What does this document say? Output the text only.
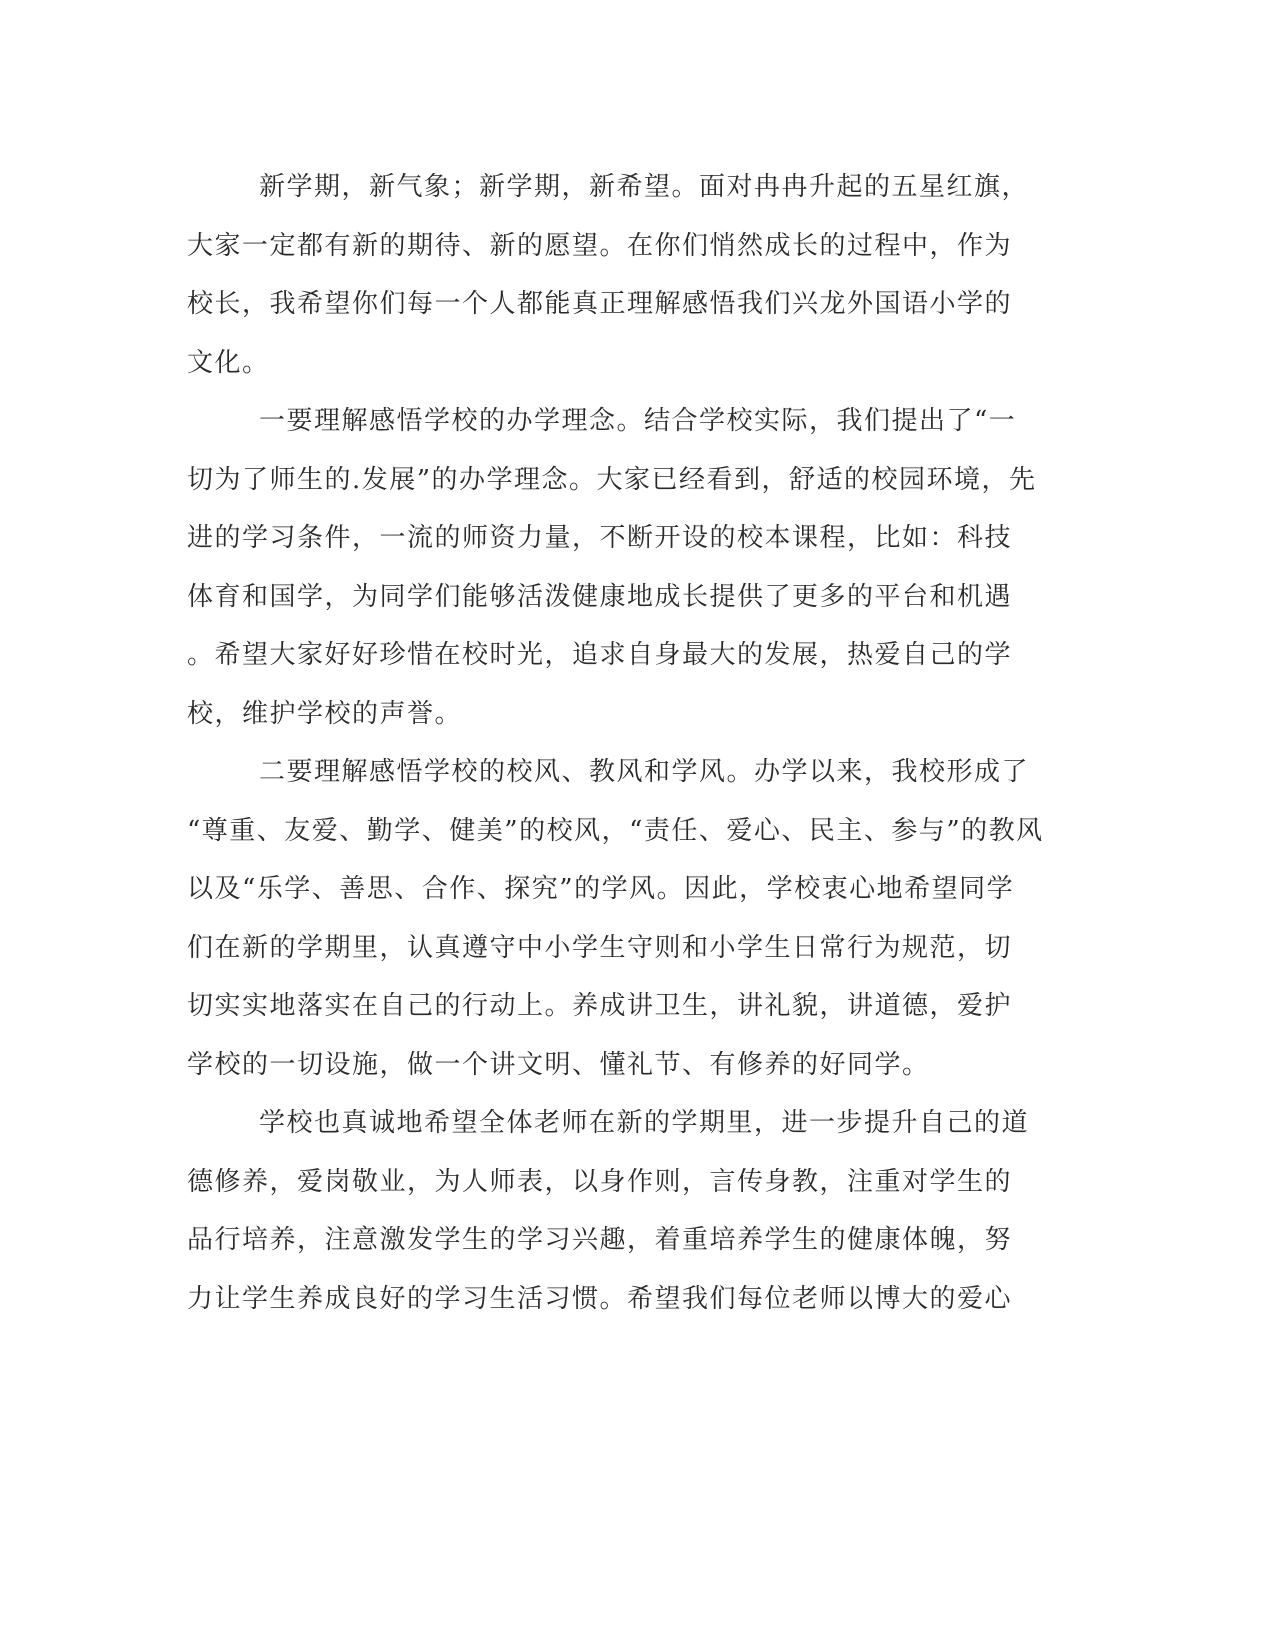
新学期，新气象；新学期，新希望。面对冉冉升起的五星红旗，
大家一定都有新的期待、新的愿望。在你们悄然成长的过程中，作为
校长，我希望你们每一个人都能真正理解感悟我们兴龙外国语小学的
文化。
一要理解感悟学校的办学理念。结合学校实际，我们提出了“一
切为了师生的.发展”的办学理念。大家已经看到，舒适的校园环境，先
进的学习条件，一流的师资力量，不断开设的校本课程，比如：科技
体育和国学，为同学们能够活泼健康地成长提供了更多的平台和机遇
。希望大家好好珍惜在校时光，追求自身最大的发展，热爱自己的学
校，维护学校的声誉。
二要理解感悟学校的校风、教风和学风。办学以来，我校形成了
“尊重、友爱、勤学、健美”的校风，“责任、爱心、民主、参与”的教风
以及“乐学、善思、合作、探究”的学风。因此，学校衷心地希望同学
们在新的学期里，认真遵守中小学生守则和小学生日常行为规范，切
切实实地落实在自己的行动上。养成讲卫生，讲礼貌，讲道德，爱护
学校的一切设施，做一个讲文明、懂礼节、有修养的好同学。
学校也真诚地希望全体老师在新的学期里，进一步提升自己的道
德修养，爱岗敬业，为人师表，以身作则，言传身教，注重对学生的
品行培养，注意激发学生的学习兴趣，着重培养学生的健康体魄，努
力让学生养成良好的学习生活习惯。希望我们每位老师以博大的爱心
